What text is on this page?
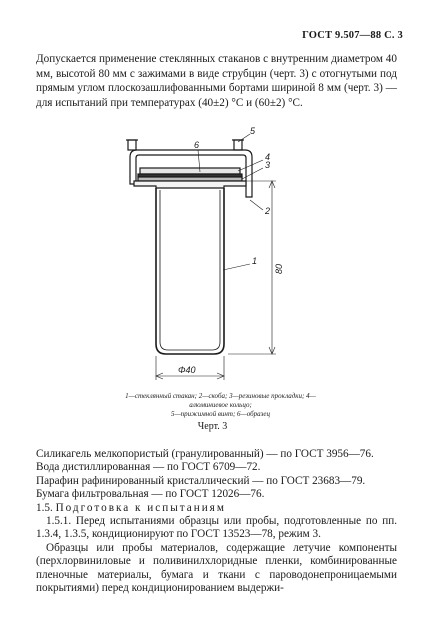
ГОСТ 9.507—88 С. 3
Допускается применение стеклянных стаканов с внутренним диаметром 40 мм, высотой 80 мм с зажимами в виде струбцин (черт. 3) с отогнутыми под прямым углом плоскозашлифованными бортами шириной 8 мм (черт. 3) — для испытаний при температурах (40±2) °С и (60±2) °С.
80
Φ40
1
2
3
4
5
6
1—стеклянный стакан; 2—скоба; 3—резиновые прокладки; 4—алюминиевое кольцо;
5—прижимной винт; 6—образец
Черт. 3

Силикагель мелкопористый (гранулированный) — по ГОСТ 3956—76.

Вода дистиллированная — по ГОСТ 6709—72.

Парафин рафинированный кристаллический — по ГОСТ 23683—79.

Бумага фильтровальная — по ГОСТ 12026—76.

1.5. Подготовка к испытаниям

1.5.1. Перед испытаниями образцы или пробы, подготовленные по пп. 1.3.4, 1.3.5, кондиционируют по ГОСТ 13523—78, режим 3.

Образцы или пробы материалов, содержащие летучие компоненты (перхлорвиниловые и поливинилхлоридные пленки, комбинированные пленочные материалы, бумага и ткани с пароводонепроницаемыми покрытиями) перед кондиционированием выдержи-
